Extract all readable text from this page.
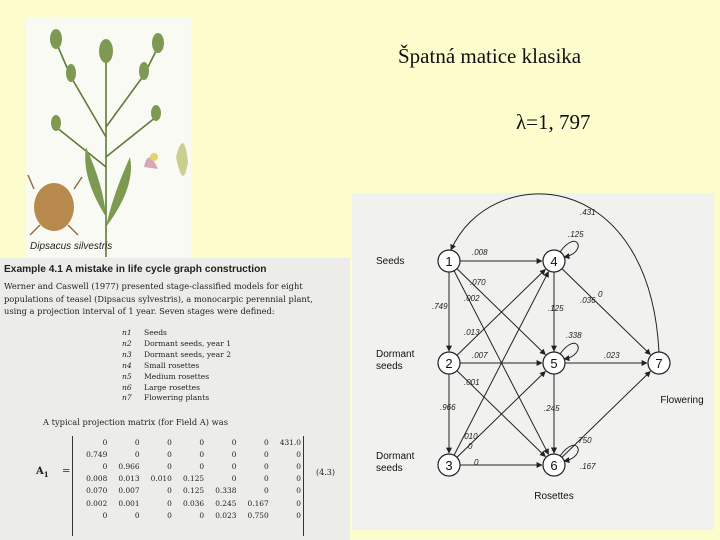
Špatná matice klasika
λ=1, 797
Dipsacus silvestris
Example 4.1 A mistake in life cycle graph construction
Werner and Caswell (1977) presented stage-classified models for eight
populations of teasel (Dipsacus sylvestris), a monocarpic perennial plant,
using a projection interval of 1 year. Seven stages were defined:
n1 Seeds
n2 Dormant seeds, year 1
n3 Dormant seeds, year 2
n4 Small rosettes
n5 Medium rosettes
n6 Large rosettes
n7 Flowering plants
A typical projection matrix (for Field A) was
$A_1$ =
0	0	0	0	0	0	431.0
0.749	0	0	0	0	0	0
0	0.966	0	0	0	0	0
0.008	0.013	0.010	0.125	0	0	0
0.070	0.007	0	0.125	0.338	0	0
0.002	0.001	0	0.036	0.245	0.167	0
0	0	0	0	0.023	0.750	0
(4.3)
1
2
3
4
5
6
7
.431
.125
.008
.070
.002
.749	.125
.036
0
.338
.013
.007
.001
.023
.966	.245
.010
0
.750
.167
0
Seeds
Dormant
seeds
Dormant
seeds
Rosettes
Flowering
